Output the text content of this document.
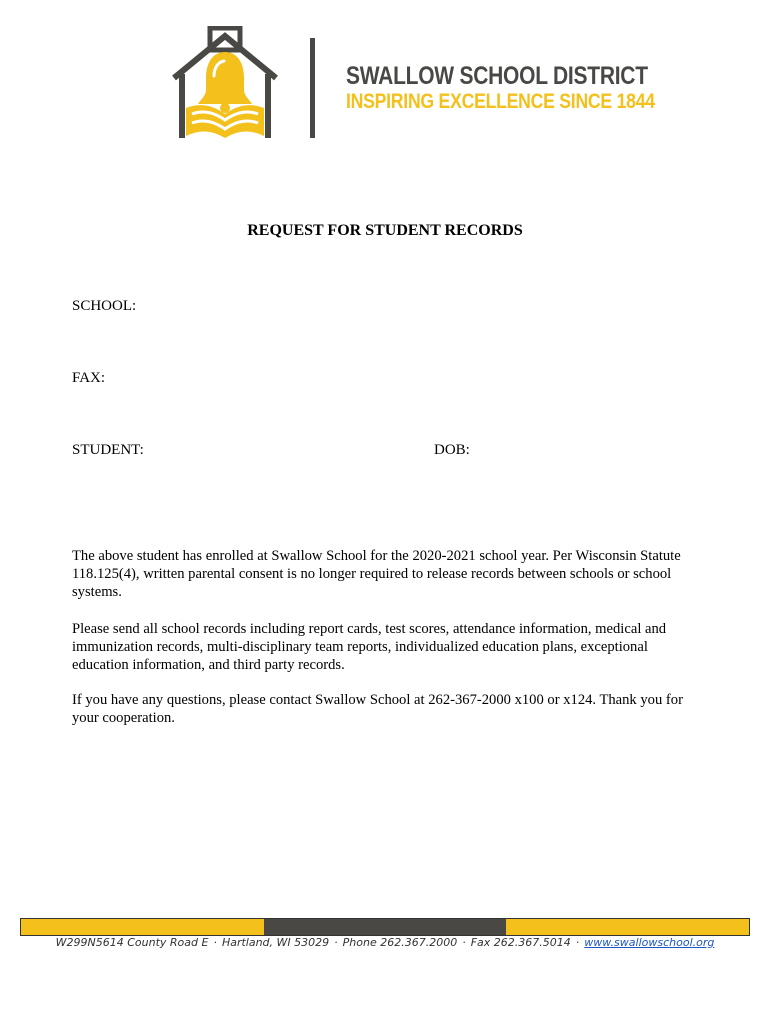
SWALLOW SCHOOL DISTRICT
INSPIRING EXCELLENCE SINCE 1844
REQUEST FOR STUDENT RECORDS
SCHOOL:
FAX:
STUDENT:	DOB:

The above student has enrolled at Swallow School for the 2020-2021 school year. Per Wisconsin Statute 118.125(4), written parental consent is no longer required to release records between schools or school systems.

Please send all school records including report cards, test scores, attendance information, medical and immunization records, multi-disciplinary team reports, individualized education plans, exceptional education information, and third party records.

If you have any questions, please contact Swallow School at 262-367-2000 x100 or x124. Thank you for your cooperation.

W299N5614 County Road E · Hartland, WI 53029 · Phone 262.367.2000 · Fax 262.367.5014 · www.swallowschool.org
